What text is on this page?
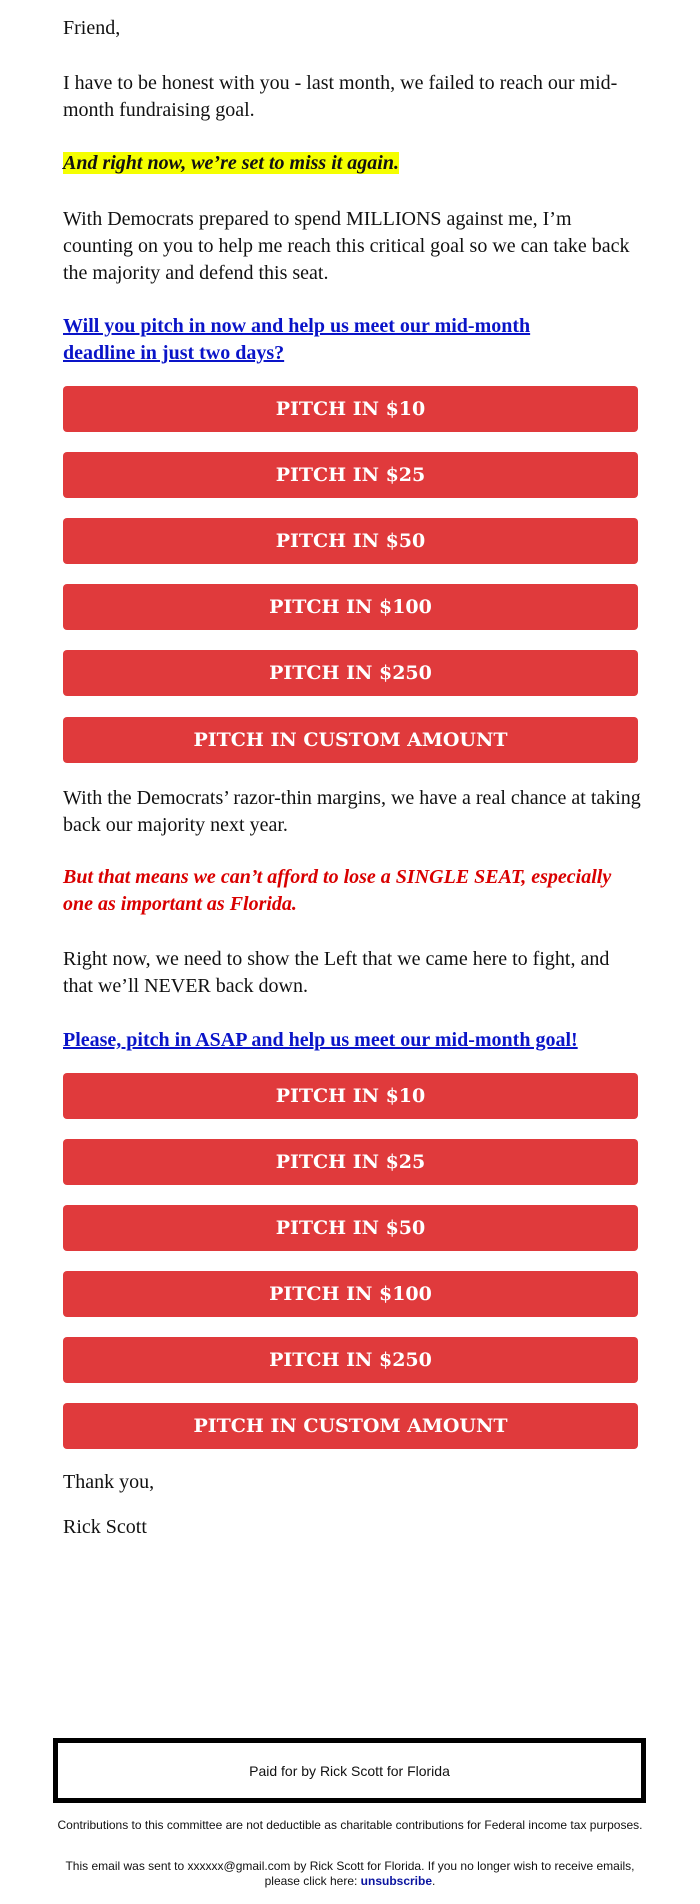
Friend,

I have to be honest with you - last month, we failed to reach our mid-month fundraising goal.

And right now, we’re set to miss it again.

With Democrats prepared to spend MILLIONS against me, I’m counting on you to help me reach this critical goal so we can take back the majority and defend this seat.

Will you pitch in now and help us meet our mid-month deadline in just two days?

PITCH IN $10
PITCH IN $25
PITCH IN $50
PITCH IN $100
PITCH IN $250
PITCH IN CUSTOM AMOUNT

With the Democrats’ razor-thin margins, we have a real chance at taking back our majority next year.

But that means we can’t afford to lose a SINGLE SEAT, especially one as important as Florida.

Right now, we need to show the Left that we came here to fight, and that we’ll NEVER back down.

Please, pitch in ASAP and help us meet our mid-month goal!

PITCH IN $10
PITCH IN $25
PITCH IN $50
PITCH IN $100
PITCH IN $250
PITCH IN CUSTOM AMOUNT

Thank you,

Rick Scott

Paid for by Rick Scott for Florida
Contributions to this committee are not deductible as charitable contributions for Federal income tax purposes.
This email was sent to xxxxxx@gmail.com by Rick Scott for Florida. If you no longer wish to receive emails, please click here: unsubscribe.
